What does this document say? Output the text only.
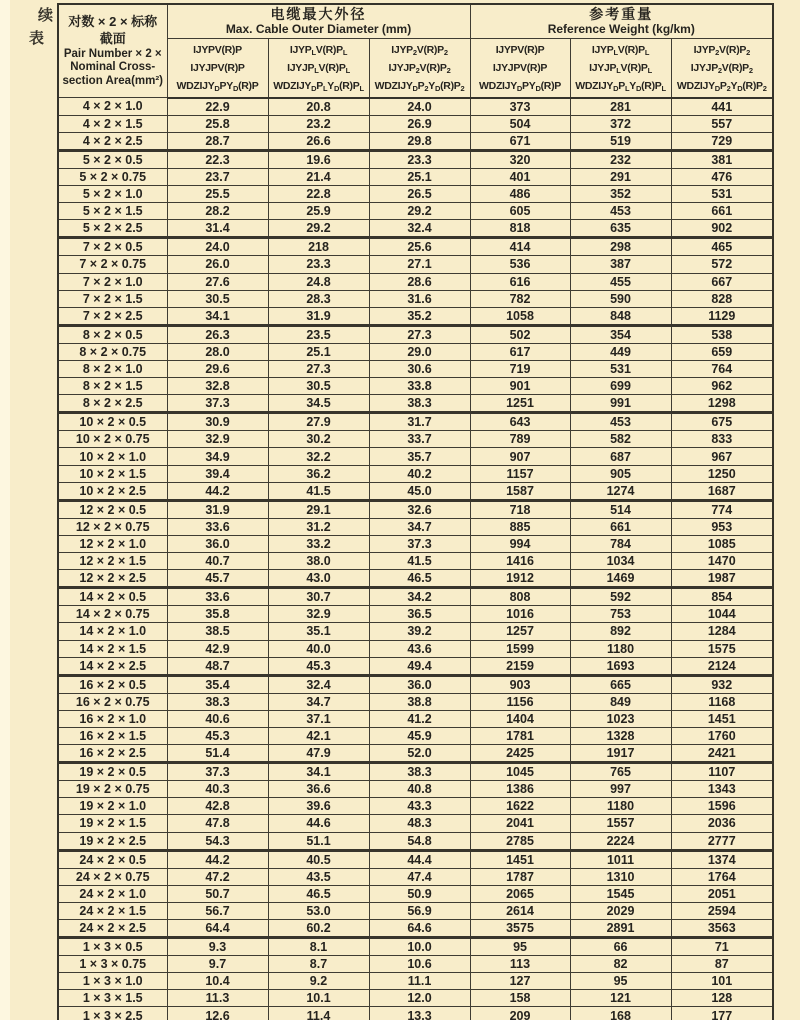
续
表
对数 × 2 × 标称
截面
Pair Number × 2 ×
Nominal Cross-
section Area(mm²)

电缆最大外径
Max. Cable Outer Diameter (mm)

参考重量
Reference Weight (kg/km)

IJYPV(R)P
IJYJPV(R)P
$WDZIJY_DPY_D(R)P$

$IJYP_LV(R)P_L$
$IJYJP_LV(R)P_L$
$WDZIJY_DP_LY_D(R)P_L$

$IJYP_2V(R)P_2$
$IJYJP_2V(R)P_2$
$WDZIJY_DP_2Y_D(R)P_2$

IJYPV(R)P
IJYJPV(R)P
$WDZIJY_DPY_D(R)P$

$IJYP_LV(R)P_L$
$IJYJP_LV(R)P_L$
$WDZIJY_DP_LY_D(R)P_L$

$IJYP_2V(R)P_2$
$IJYJP_2V(R)P_2$
$WDZIJY_DP_2Y_D(R)P_2$

4 × 2 × 1.0	22.9	20.8	24.0	373	281	441
4 × 2 × 1.5	25.8	23.2	26.9	504	372	557
4 × 2 × 2.5	28.7	26.6	29.8	671	519	729
5 × 2 × 0.5	22.3	19.6	23.3	320	232	381
5 × 2 × 0.75	23.7	21.4	25.1	401	291	476
5 × 2 × 1.0	25.5	22.8	26.5	486	352	531
5 × 2 × 1.5	28.2	25.9	29.2	605	453	661
5 × 2 × 2.5	31.4	29.2	32.4	818	635	902
7 × 2 × 0.5	24.0	218	25.6	414	298	465
7 × 2 × 0.75	26.0	23.3	27.1	536	387	572
7 × 2 × 1.0	27.6	24.8	28.6	616	455	667
7 × 2 × 1.5	30.5	28.3	31.6	782	590	828
7 × 2 × 2.5	34.1	31.9	35.2	1058	848	1129
8 × 2 × 0.5	26.3	23.5	27.3	502	354	538
8 × 2 × 0.75	28.0	25.1	29.0	617	449	659
8 × 2 × 1.0	29.6	27.3	30.6	719	531	764
8 × 2 × 1.5	32.8	30.5	33.8	901	699	962
8 × 2 × 2.5	37.3	34.5	38.3	1251	991	1298
10 × 2 × 0.5	30.9	27.9	31.7	643	453	675
10 × 2 × 0.75	32.9	30.2	33.7	789	582	833
10 × 2 × 1.0	34.9	32.2	35.7	907	687	967
10 × 2 × 1.5	39.4	36.2	40.2	1157	905	1250
10 × 2 × 2.5	44.2	41.5	45.0	1587	1274	1687
12 × 2 × 0.5	31.9	29.1	32.6	718	514	774
12 × 2 × 0.75	33.6	31.2	34.7	885	661	953
12 × 2 × 1.0	36.0	33.2	37.3	994	784	1085
12 × 2 × 1.5	40.7	38.0	41.5	1416	1034	1470
12 × 2 × 2.5	45.7	43.0	46.5	1912	1469	1987
14 × 2 × 0.5	33.6	30.7	34.2	808	592	854
14 × 2 × 0.75	35.8	32.9	36.5	1016	753	1044
14 × 2 × 1.0	38.5	35.1	39.2	1257	892	1284
14 × 2 × 1.5	42.9	40.0	43.6	1599	1180	1575
14 × 2 × 2.5	48.7	45.3	49.4	2159	1693	2124
16 × 2 × 0.5	35.4	32.4	36.0	903	665	932
16 × 2 × 0.75	38.3	34.7	38.8	1156	849	1168
16 × 2 × 1.0	40.6	37.1	41.2	1404	1023	1451
16 × 2 × 1.5	45.3	42.1	45.9	1781	1328	1760
16 × 2 × 2.5	51.4	47.9	52.0	2425	1917	2421
19 × 2 × 0.5	37.3	34.1	38.3	1045	765	1107
19 × 2 × 0.75	40.3	36.6	40.8	1386	997	1343
19 × 2 × 1.0	42.8	39.6	43.3	1622	1180	1596
19 × 2 × 1.5	47.8	44.6	48.3	2041	1557	2036
19 × 2 × 2.5	54.3	51.1	54.8	2785	2224	2777
24 × 2 × 0.5	44.2	40.5	44.4	1451	1011	1374
24 × 2 × 0.75	47.2	43.5	47.4	1787	1310	1764
24 × 2 × 1.0	50.7	46.5	50.9	2065	1545	2051
24 × 2 × 1.5	56.7	53.0	56.9	2614	2029	2594
24 × 2 × 2.5	64.4	60.2	64.6	3575	2891	3563
1 × 3 × 0.5	9.3	8.1	10.0	95	66	71
1 × 3 × 0.75	9.7	8.7	10.6	113	82	87
1 × 3 × 1.0	10.4	9.2	11.1	127	95	101
1 × 3 × 1.5	11.3	10.1	12.0	158	121	128
1 × 3 × 2.5	12.6	11.4	13.3	209	168	177
